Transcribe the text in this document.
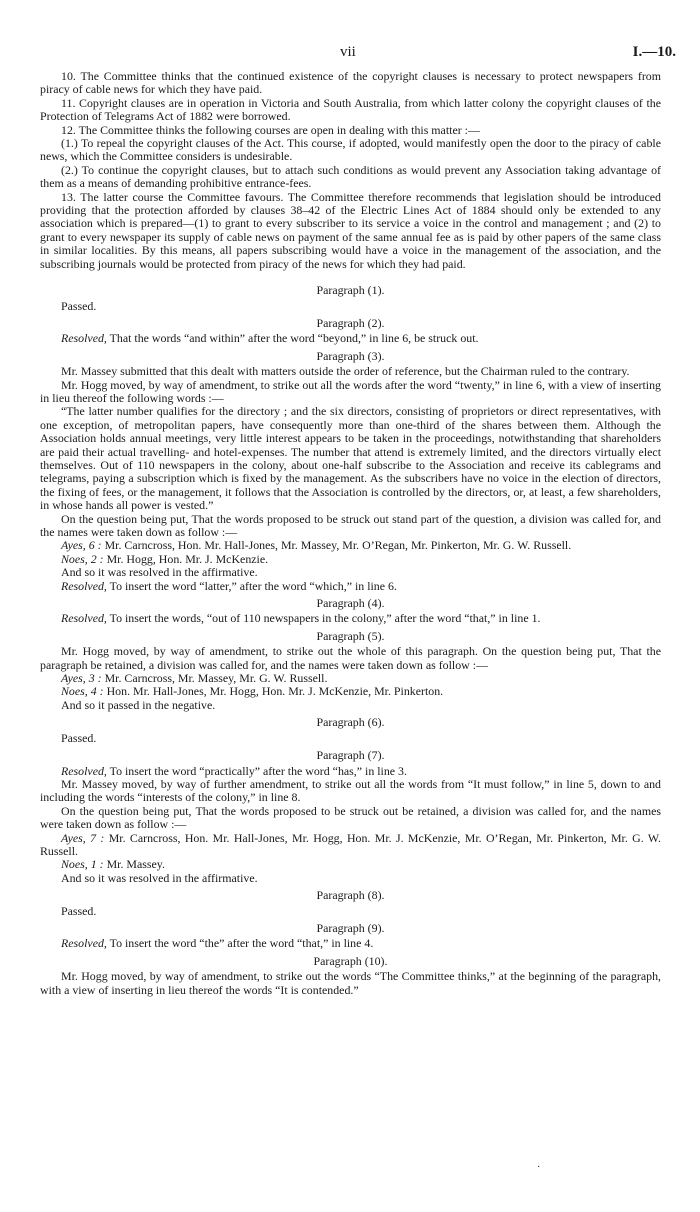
vii	I.—10.

10. The Committee thinks that the continued existence of the copyright clauses is necessary to protect newspapers from piracy of cable news for which they have paid.

11. Copyright clauses are in operation in Victoria and South Australia, from which latter colony the copyright clauses of the Protection of Telegrams Act of 1882 were borrowed.

12. The Committee thinks the following courses are open in dealing with this matter :—

(1.) To repeal the copyright clauses of the Act. This course, if adopted, would manifestly open the door to the piracy of cable news, which the Committee considers is undesirable.

(2.) To continue the copyright clauses, but to attach such conditions as would prevent any Association taking advantage of them as a means of demanding prohibitive entrance-fees.

13. The latter course the Committee favours. The Committee therefore recommends that legislation should be introduced providing that the protection afforded by clauses 38–42 of the Electric Lines Act of 1884 should only be extended to any association which is prepared—(1) to grant to every subscriber to its service a voice in the control and management ; and (2) to grant to every newspaper its supply of cable news on payment of the same annual fee as is paid by other papers of the same class in similar localities. By this means, all papers subscribing would have a voice in the management of the association, and the subscribing journals would be protected from piracy of the news for which they had paid.

Paragraph (1).

Passed.

Paragraph (2).

Resolved, That the words “and within” after the word “beyond,” in line 6, be struck out.

Paragraph (3).

Mr. Massey submitted that this dealt with matters outside the order of reference, but the Chairman ruled to the contrary.

Mr. Hogg moved, by way of amendment, to strike out all the words after the word “twenty,” in line 6, with a view of inserting in lieu thereof the following words :—

“The latter number qualifies for the directory ; and the six directors, consisting of proprietors or direct representatives, with one exception, of metropolitan papers, have consequently more than one-third of the shares between them. Although the Association holds annual meetings, very little interest appears to be taken in the proceedings, notwithstanding that shareholders are paid their actual travelling- and hotel-expenses. The number that attend is extremely limited, and the directors virtually elect themselves. Out of 110 newspapers in the colony, about one-half subscribe to the Association and receive its cablegrams and telegrams, paying a subscription which is fixed by the management. As the subscribers have no voice in the election of directors, the fixing of fees, or the management, it follows that the Association is controlled by the directors, or, at least, a few shareholders, in whose hands all power is vested.”

On the question being put, That the words proposed to be struck out stand part of the question, a division was called for, and the names were taken down as follow :—

Ayes, 6 : Mr. Carncross, Hon. Mr. Hall-Jones, Mr. Massey, Mr. O’Regan, Mr. Pinkerton, Mr. G. W. Russell.

Noes, 2 : Mr. Hogg, Hon. Mr. J. McKenzie.

And so it was resolved in the affirmative.

Resolved, To insert the word “latter,” after the word “which,” in line 6.

Paragraph (4).

Resolved, To insert the words, “out of 110 newspapers in the colony,” after the word “that,” in line 1.

Paragraph (5).

Mr. Hogg moved, by way of amendment, to strike out the whole of this paragraph. On the question being put, That the paragraph be retained, a division was called for, and the names were taken down as follow :—

Ayes, 3 : Mr. Carncross, Mr. Massey, Mr. G. W. Russell.

Noes, 4 : Hon. Mr. Hall-Jones, Mr. Hogg, Hon. Mr. J. McKenzie, Mr. Pinkerton.

And so it passed in the negative.

Paragraph (6).

Passed.

Paragraph (7).

Resolved, To insert the word “practically” after the word “has,” in line 3.

Mr. Massey moved, by way of further amendment, to strike out all the words from “It must follow,” in line 5, down to and including the words “interests of the colony,” in line 8.

On the question being put, That the words proposed to be struck out be retained, a division was called for, and the names were taken down as follow :—

Ayes, 7 : Mr. Carncross, Hon. Mr. Hall-Jones, Mr. Hogg, Hon. Mr. J. McKenzie, Mr. O’Regan, Mr. Pinkerton, Mr. G. W. Russell.

Noes, 1 : Mr. Massey.

And so it was resolved in the affirmative.

Paragraph (8).

Passed.

Paragraph (9).

Resolved, To insert the word “the” after the word “that,” in line 4.

Paragraph (10).

Mr. Hogg moved, by way of amendment, to strike out the words “The Committee thinks,” at the beginning of the paragraph, with a view of inserting in lieu thereof the words “It is contended.”

·
